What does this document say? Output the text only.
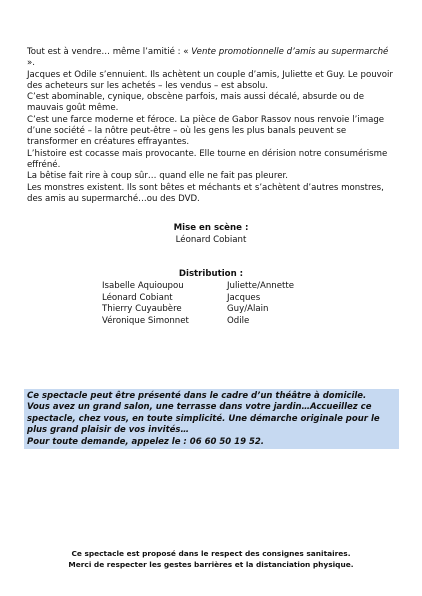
Tout est à vendre… même l’amitié : « Vente promotionnelle d’amis au supermarché ».

Jacques et Odile s’ennuient. Ils achètent un couple d’amis, Juliette et Guy. Le pouvoir des acheteurs sur les achetés – les vendus – est absolu.

C’est abominable, cynique, obscène parfois, mais aussi décalé, absurde ou de mauvais goût même.

C’est une farce moderne et féroce. La pièce de Gabor Rassov nous renvoie l’image d’une société – la nôtre peut-être – où les gens les plus banals peuvent se transformer en créatures effrayantes.

L’histoire est cocasse mais provocante. Elle tourne en dérision notre consumérisme effréné.

La bêtise fait rire à coup sûr… quand elle ne fait pas pleurer.

Les monstres existent. Ils sont bêtes et méchants et s’achètent d’autres monstres, des amis au supermarché…ou des DVD.

Mise en scène :
Léonard Cobiant
Distribution :
Isabelle Aquioupou	Juliette/Annette
Léonard Cobiant	Jacques
Thierry Cuyaubère	Guy/Alain
Véronique Simonnet	Odile

Ce spectacle peut être présenté dans le cadre d’un théâtre à domicile.

Vous avez un grand salon, une terrasse dans votre jardin…Accueillez ce spectacle, chez vous, en toute simplicité. Une démarche originale pour le plus grand plaisir de vos invités…

Pour toute demande, appelez le : 06 60 50 19 52.

Ce spectacle est proposé dans le respect des consignes sanitaires.

Merci de respecter les gestes barrières et la distanciation physique.
